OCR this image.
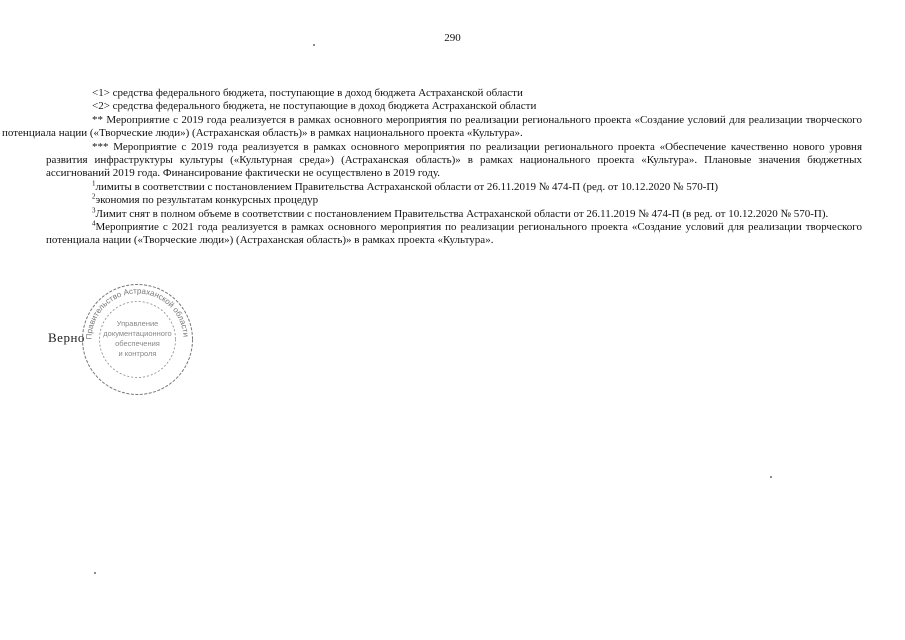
290

<1> средства федерального бюджета, поступающие в доход бюджета Астраханской области

<2> средства федерального бюджета, не поступающие в доход бюджета Астраханской области

** Мероприятие с 2019 года реализуется в рамках основного мероприятия по реализации регионального проекта «Создание условий для реализации творческого потенциала нации («Творческие люди») (Астраханская область)» в рамках национального проекта «Культура».

*** Мероприятие с 2019 года реализуется в рамках основного мероприятия по реализации регионального проекта «Обеспечение качественно нового уровня развития инфраструктуры культуры («Культурная среда») (Астраханская область)» в рамках национального проекта «Культура». Плановые значения бюджетных ассигнований 2019 года. Финансирование фактически не осуществлено в 2019 году.

$^1$лимиты в соответствии с постановлением Правительства Астраханской области от 26.11.2019 № 474-П (ред. от 10.12.2020 № 570-П)

$^2$экономия по результатам конкурсных процедур

$^3$Лимит снят в полном объеме в соответствии с постановлением Правительства Астраханской области от 26.11.2019 № 474-П (в ред. от 10.12.2020 № 570-П).

$^4$Мероприятие с 2021 года реализуется в рамках основного мероприятия по реализации регионального проекта «Создание условий для реализации творческого потенциала нации («Творческие люди») (Астраханская область)» в рамках проекта «Культура».

Верно Правительство Астраханской области
Управление
документационного
обеспечения
и контроля
